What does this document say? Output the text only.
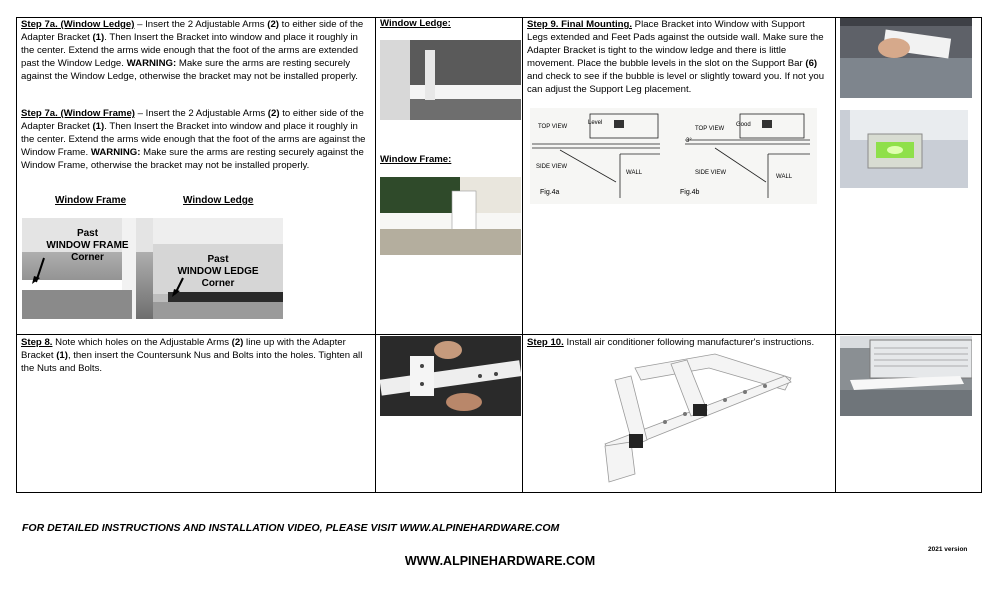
Step 7a. (Window Ledge) – Insert the 2 Adjustable Arms (2) to either side of the Adapter Bracket (1). Then Insert the Bracket into window and place it roughly in the center. Extend the arms wide enough that the foot of the arms are extended past the Window Ledge. WARNING: Make sure the arms are resting securely against the Window Ledge, otherwise the bracket may not be installed properly.
Step 7a. (Window Frame) – Insert the 2 Adjustable Arms (2) to either side of the Adapter Bracket (1). Then Insert the Bracket into window and place it roughly in the center. Extend the arms wide enough that the foot of the arms are against the Window Frame. WARNING: Make sure the arms are resting securely against the Window Frame, otherwise the bracket may not be installed properly.
Window Frame	Window Ledge
Past
WINDOW FRAME
Corner	Past
WINDOW LEDGE
Corner
Window Ledge:
Window Frame:
Step 9. Final Mounting. Place Bracket into Window with Support Legs extended and Feet Pads against the outside wall. Make sure the Adapter Bracket is tight to the window ledge and there is little movement. Place the bubble levels in the slot on the Support Bar (6) and check to see if the bubble is level or slightly toward you. If not you can adjust the Support Leg placement.
TOP VIEW	TOP VIEW
Level	Good
SIDE VIEW
SIDE VIEW
WALL
WALL
Fig.4a	Fig.4b
3°
Step 8. Note which holes on the Adjustable Arms (2) line up with the Adapter Bracket (1), then insert the Countersunk Nus and Bolts into the holes. Tighten all the Nuts and Bolts.
Step 10. Install air conditioner following manufacturer's instructions.
FOR DETAILED INSTRUCTIONS AND INSTALLATION VIDEO, PLEASE VISIT WWW.ALPINEHARDWARE.COM
2021 version
WWW.ALPINEHARDWARE.COM
